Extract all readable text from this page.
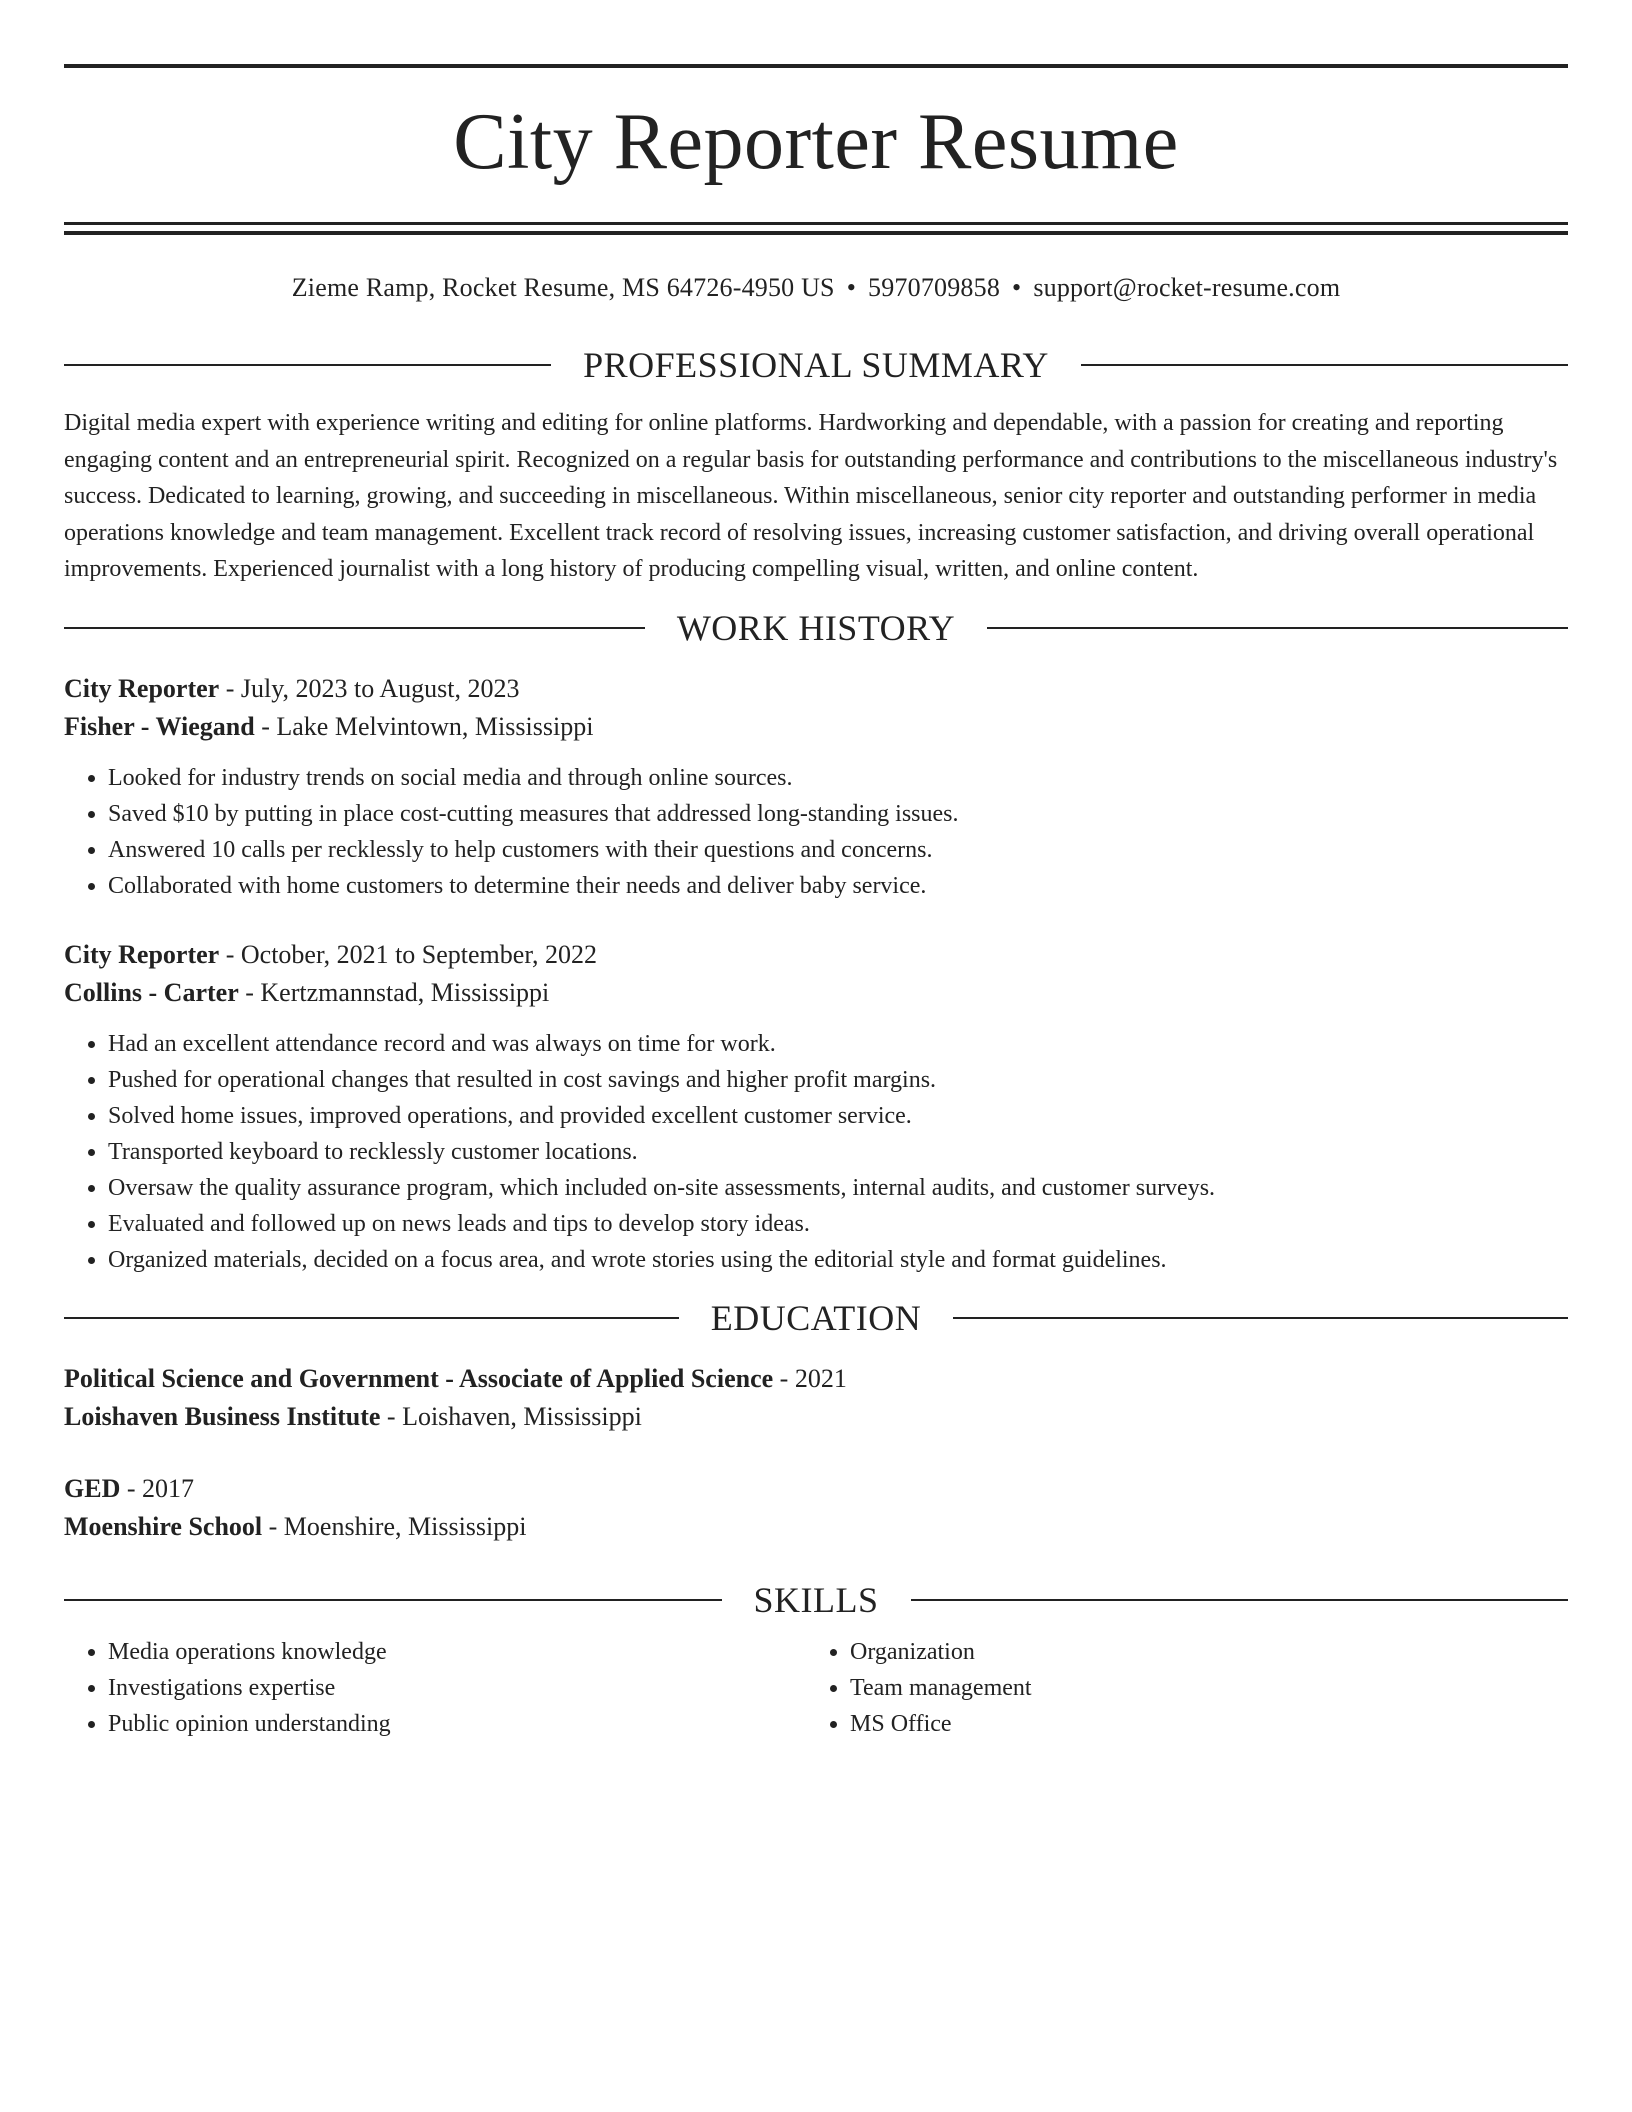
City Reporter Resume
Zieme Ramp, Rocket Resume, MS 64726-4950 US • 5970709858 • support@rocket-resume.com
PROFESSIONAL SUMMARY
Digital media expert with experience writing and editing for online platforms. Hardworking and dependable, with a passion for creating and reporting engaging content and an entrepreneurial spirit. Recognized on a regular basis for outstanding performance and contributions to the miscellaneous industry's success. Dedicated to learning, growing, and succeeding in miscellaneous. Within miscellaneous, senior city reporter and outstanding performer in media operations knowledge and team management. Excellent track record of resolving issues, increasing customer satisfaction, and driving overall operational improvements. Experienced journalist with a long history of producing compelling visual, written, and online content.
WORK HISTORY
City Reporter - July, 2023 to August, 2023
Fisher - Wiegand - Lake Melvintown, Mississippi
• Looked for industry trends on social media and through online sources.
• Saved $10 by putting in place cost-cutting measures that addressed long-standing issues.
• Answered 10 calls per recklessly to help customers with their questions and concerns.
• Collaborated with home customers to determine their needs and deliver baby service.
City Reporter - October, 2021 to September, 2022
Collins - Carter - Kertzmannstad, Mississippi
• Had an excellent attendance record and was always on time for work.
• Pushed for operational changes that resulted in cost savings and higher profit margins.
• Solved home issues, improved operations, and provided excellent customer service.
• Transported keyboard to recklessly customer locations.
• Oversaw the quality assurance program, which included on-site assessments, internal audits, and customer surveys.
• Evaluated and followed up on news leads and tips to develop story ideas.
• Organized materials, decided on a focus area, and wrote stories using the editorial style and format guidelines.
EDUCATION
Political Science and Government - Associate of Applied Science - 2021
Loishaven Business Institute - Loishaven, Mississippi
GED - 2017
Moenshire School - Moenshire, Mississippi
SKILLS
• Media operations knowledge
• Investigations expertise
• Public opinion understanding
• Organization
• Team management
• MS Office
